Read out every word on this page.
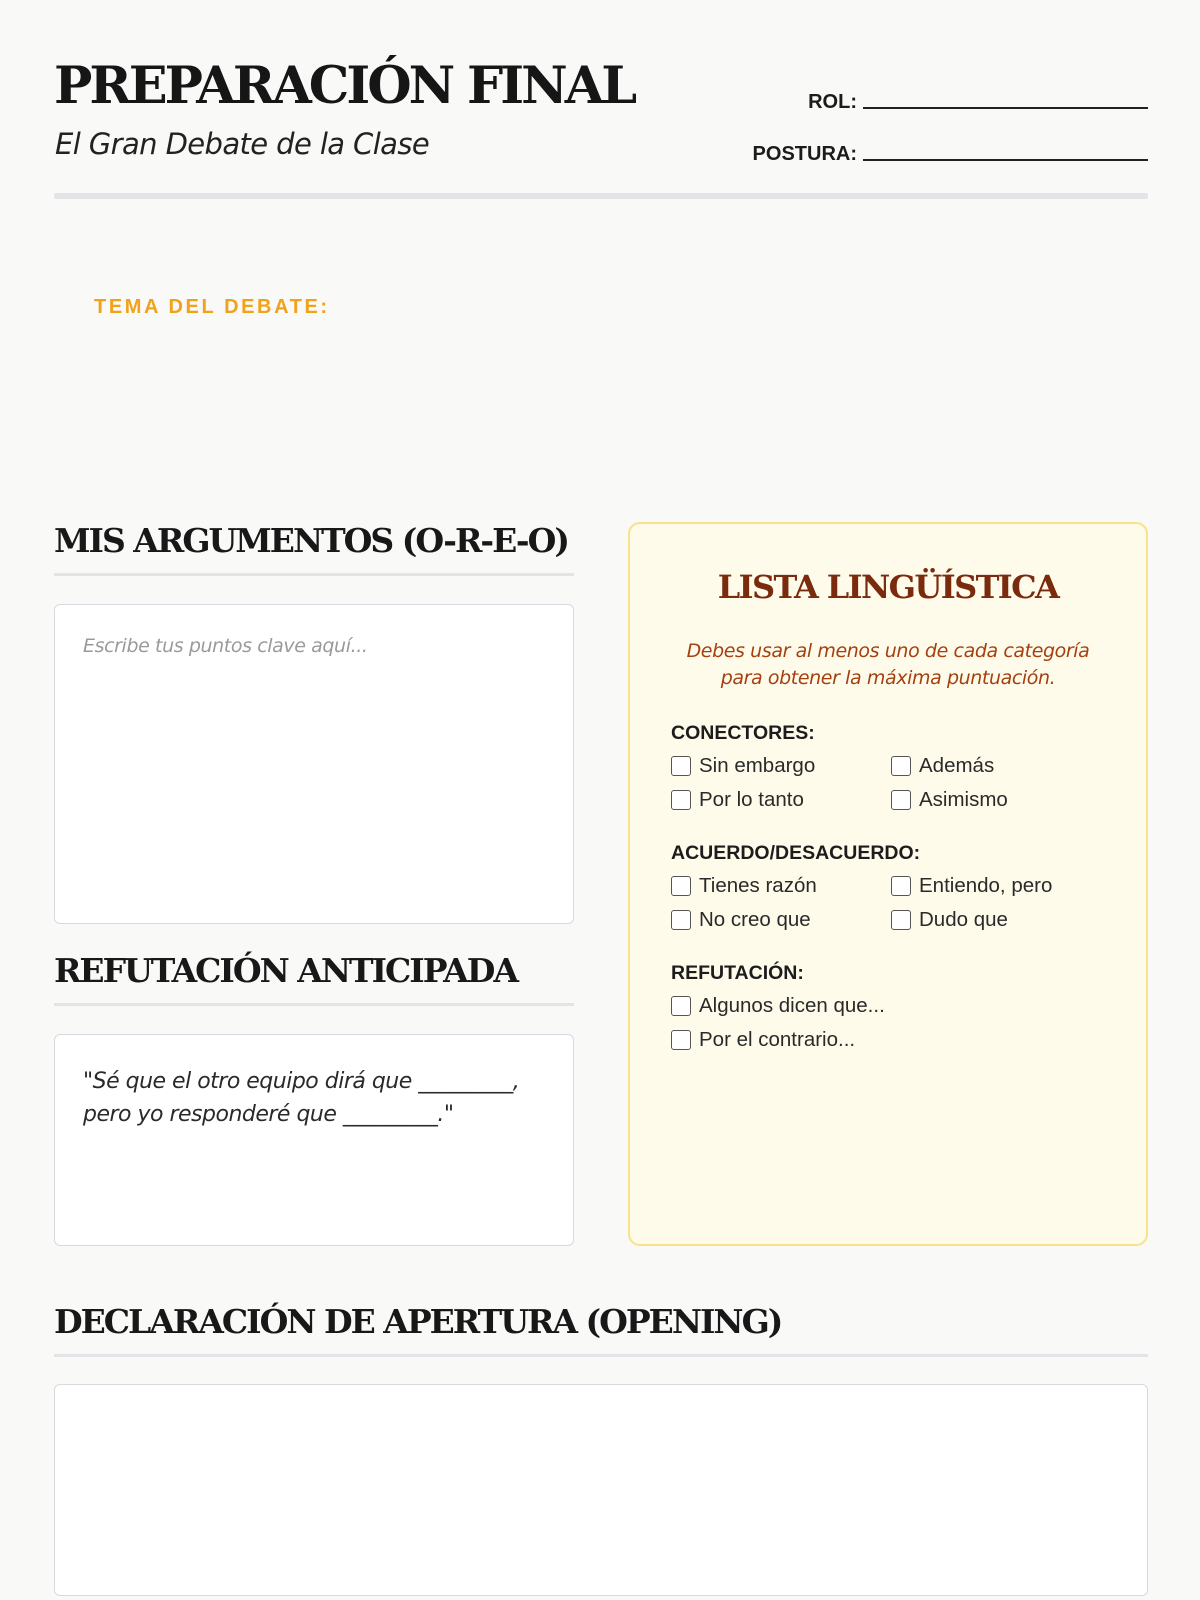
PREPARACIÓN FINAL
El Gran Debate de la Clase
ROL:
POSTURA:
TEMA DEL DEBATE:
MIS ARGUMENTOS (O-R-E-O)
Escribe tus puntos clave aquí...
REFUTACIÓN ANTICIPADA
"Sé que el otro equipo dirá que _________,
pero yo responderé que _________."
LISTA LINGÜÍSTICA
Debes usar al menos uno de cada categoría
para obtener la máxima puntuación.
CONECTORES:
Sin embargo	Además
Por lo tanto	Asimismo
ACUERDO/DESACUERDO:
Tienes razón	Entiendo, pero
No creo que	Dudo que
REFUTACIÓN:
Algunos dicen que...
Por el contrario...
DECLARACIÓN DE APERTURA (OPENING)
